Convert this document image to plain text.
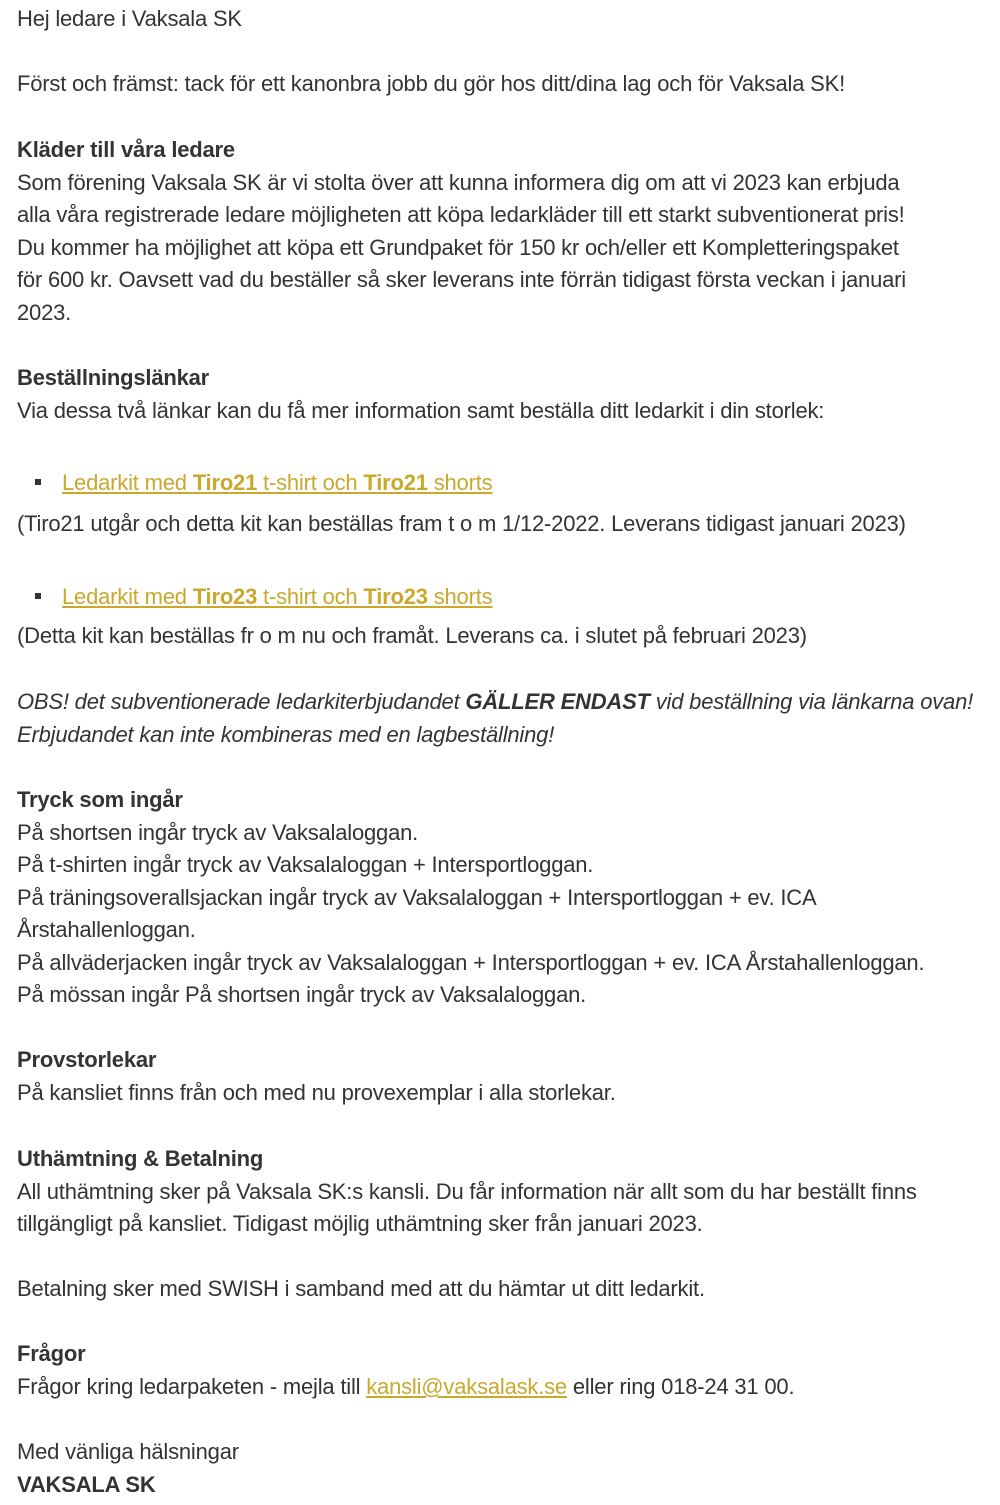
Hej ledare i Vaksala SK
Först och främst: tack för ett kanonbra jobb du gör hos ditt/dina lag och för Vaksala SK!
Kläder till våra ledare
Som förening Vaksala SK är vi stolta över att kunna informera dig om att vi 2023 kan erbjuda
alla våra registrerade ledare möjligheten att köpa ledarkläder till ett starkt subventionerat pris!
Du kommer ha möjlighet att köpa ett Grundpaket för 150 kr och/eller ett Kompletteringspaket
för 600 kr. Oavsett vad du beställer så sker leverans inte förrän tidigast första veckan i januari
2023.
Beställningslänkar
Via dessa två länkar kan du få mer information samt beställa ditt ledarkit i din storlek:
Ledarkit med Tiro21 t-shirt och Tiro21 shorts
(Tiro21 utgår och detta kit kan beställas fram t o m 1/12-2022. Leverans tidigast januari 2023)
Ledarkit med Tiro23 t-shirt och Tiro23 shorts
(Detta kit kan beställas fr o m nu och framåt. Leverans ca. i slutet på februari 2023)
OBS! det subventionerade ledarkiterbjudandet GÄLLER ENDAST vid beställning via länkarna ovan!
Erbjudandet kan inte kombineras med en lagbeställning!
Tryck som ingår
På shortsen ingår tryck av Vaksalaloggan.
På t-shirten ingår tryck av Vaksalaloggan + Intersportloggan.
På träningsoverallsjackan ingår tryck av Vaksalaloggan + Intersportloggan + ev. ICA
Årstahallenloggan.
På allväderjacken ingår tryck av Vaksalaloggan + Intersportloggan + ev. ICA Årstahallenloggan.
På mössan ingår På shortsen ingår tryck av Vaksalaloggan.
Provstorlekar
På kansliet finns från och med nu provexemplar i alla storlekar.
Uthämtning & Betalning
All uthämtning sker på Vaksala SK:s kansli. Du får information när allt som du har beställt finns
tillgängligt på kansliet. Tidigast möjlig uthämtning sker från januari 2023.
Betalning sker med SWISH i samband med att du hämtar ut ditt ledarkit.
Frågor
Frågor kring ledarpaketen - mejla till kansli@vaksalask.se eller ring 018-24 31 00.
Med vänliga hälsningar
VAKSALA SK
